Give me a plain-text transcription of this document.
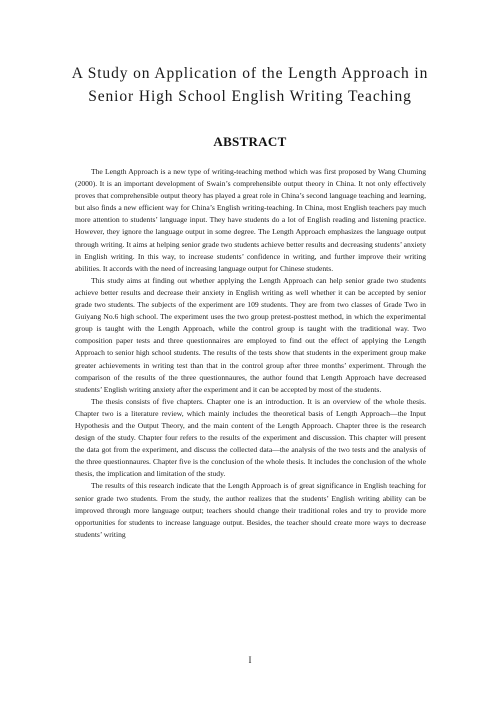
A Study on Application of the Length Approach in
Senior High School English Writing Teaching
ABSTRACT

The Length Approach is a new type of writing-teaching method which was first proposed by Wang Chuming (2000). It is an important development of Swain’s comprehensible output theory in China. It not only effectively proves that comprehensible output theory has played a great role in China’s second language teaching and learning, but also finds a new efficient way for China’s English writing-teaching. In China, most English teachers pay much more attention to students’ language input. They have students do a lot of English reading and listening practice. However, they ignore the language output in some degree. The Length Approach emphasizes the language output through writing. It aims at helping senior grade two students achieve better results and decreasing students’ anxiety in English writing. In this way, to increase students’ confidence in writing, and further improve their writing abilities. It accords with the need of increasing language output for Chinese students.

This study aims at finding out whether applying the Length Approach can help senior grade two students achieve better results and decrease their anxiety in English writing as well whether it can be accepted by senior grade two students. The subjects of the experiment are 109 students. They are from two classes of Grade Two in Guiyang No.6 high school. The experiment uses the two group pretest-posttest method, in which the experimental group is taught with the Length Approach, while the control group is taught with the traditional way. Two composition paper tests and three questionnaires are employed to find out the effect of applying the Length Approach to senior high school students. The results of the tests show that students in the experiment group make greater achievements in writing test than that in the control group after three months’ experiment. Through the comparison of the results of the three questionnaures, the author found that Length Approach have decreased students’ English writing anxiety after the experiment and it can be accepted by most of the students.

The thesis consists of five chapters. Chapter one is an introduction. It is an overview of the whole thesis. Chapter two is a literature review, which mainly includes the theoretical basis of Length Approach—the Input Hypothesis and the Output Theory, and the main content of the Length Approach. Chapter three is the research design of the study. Chapter four refers to the results of the experiment and discussion. This chapter will present the data got from the experiment, and discuss the collected data—the analysis of the two tests and the analysis of the three questionnaures. Chapter five is the conclusion of the whole thesis. It includes the conclusion of the whole thesis, the implication and limitation of the study.

The results of this research indicate that the Length Approach is of great significance in English teaching for senior grade two students. From the study, the author realizes that the students’ English writing ability can be improved through more language output; teachers should change their traditional roles and try to provide more opportunities for students to increase language output. Besides, the teacher should create more ways to decrease students’ writing

I
